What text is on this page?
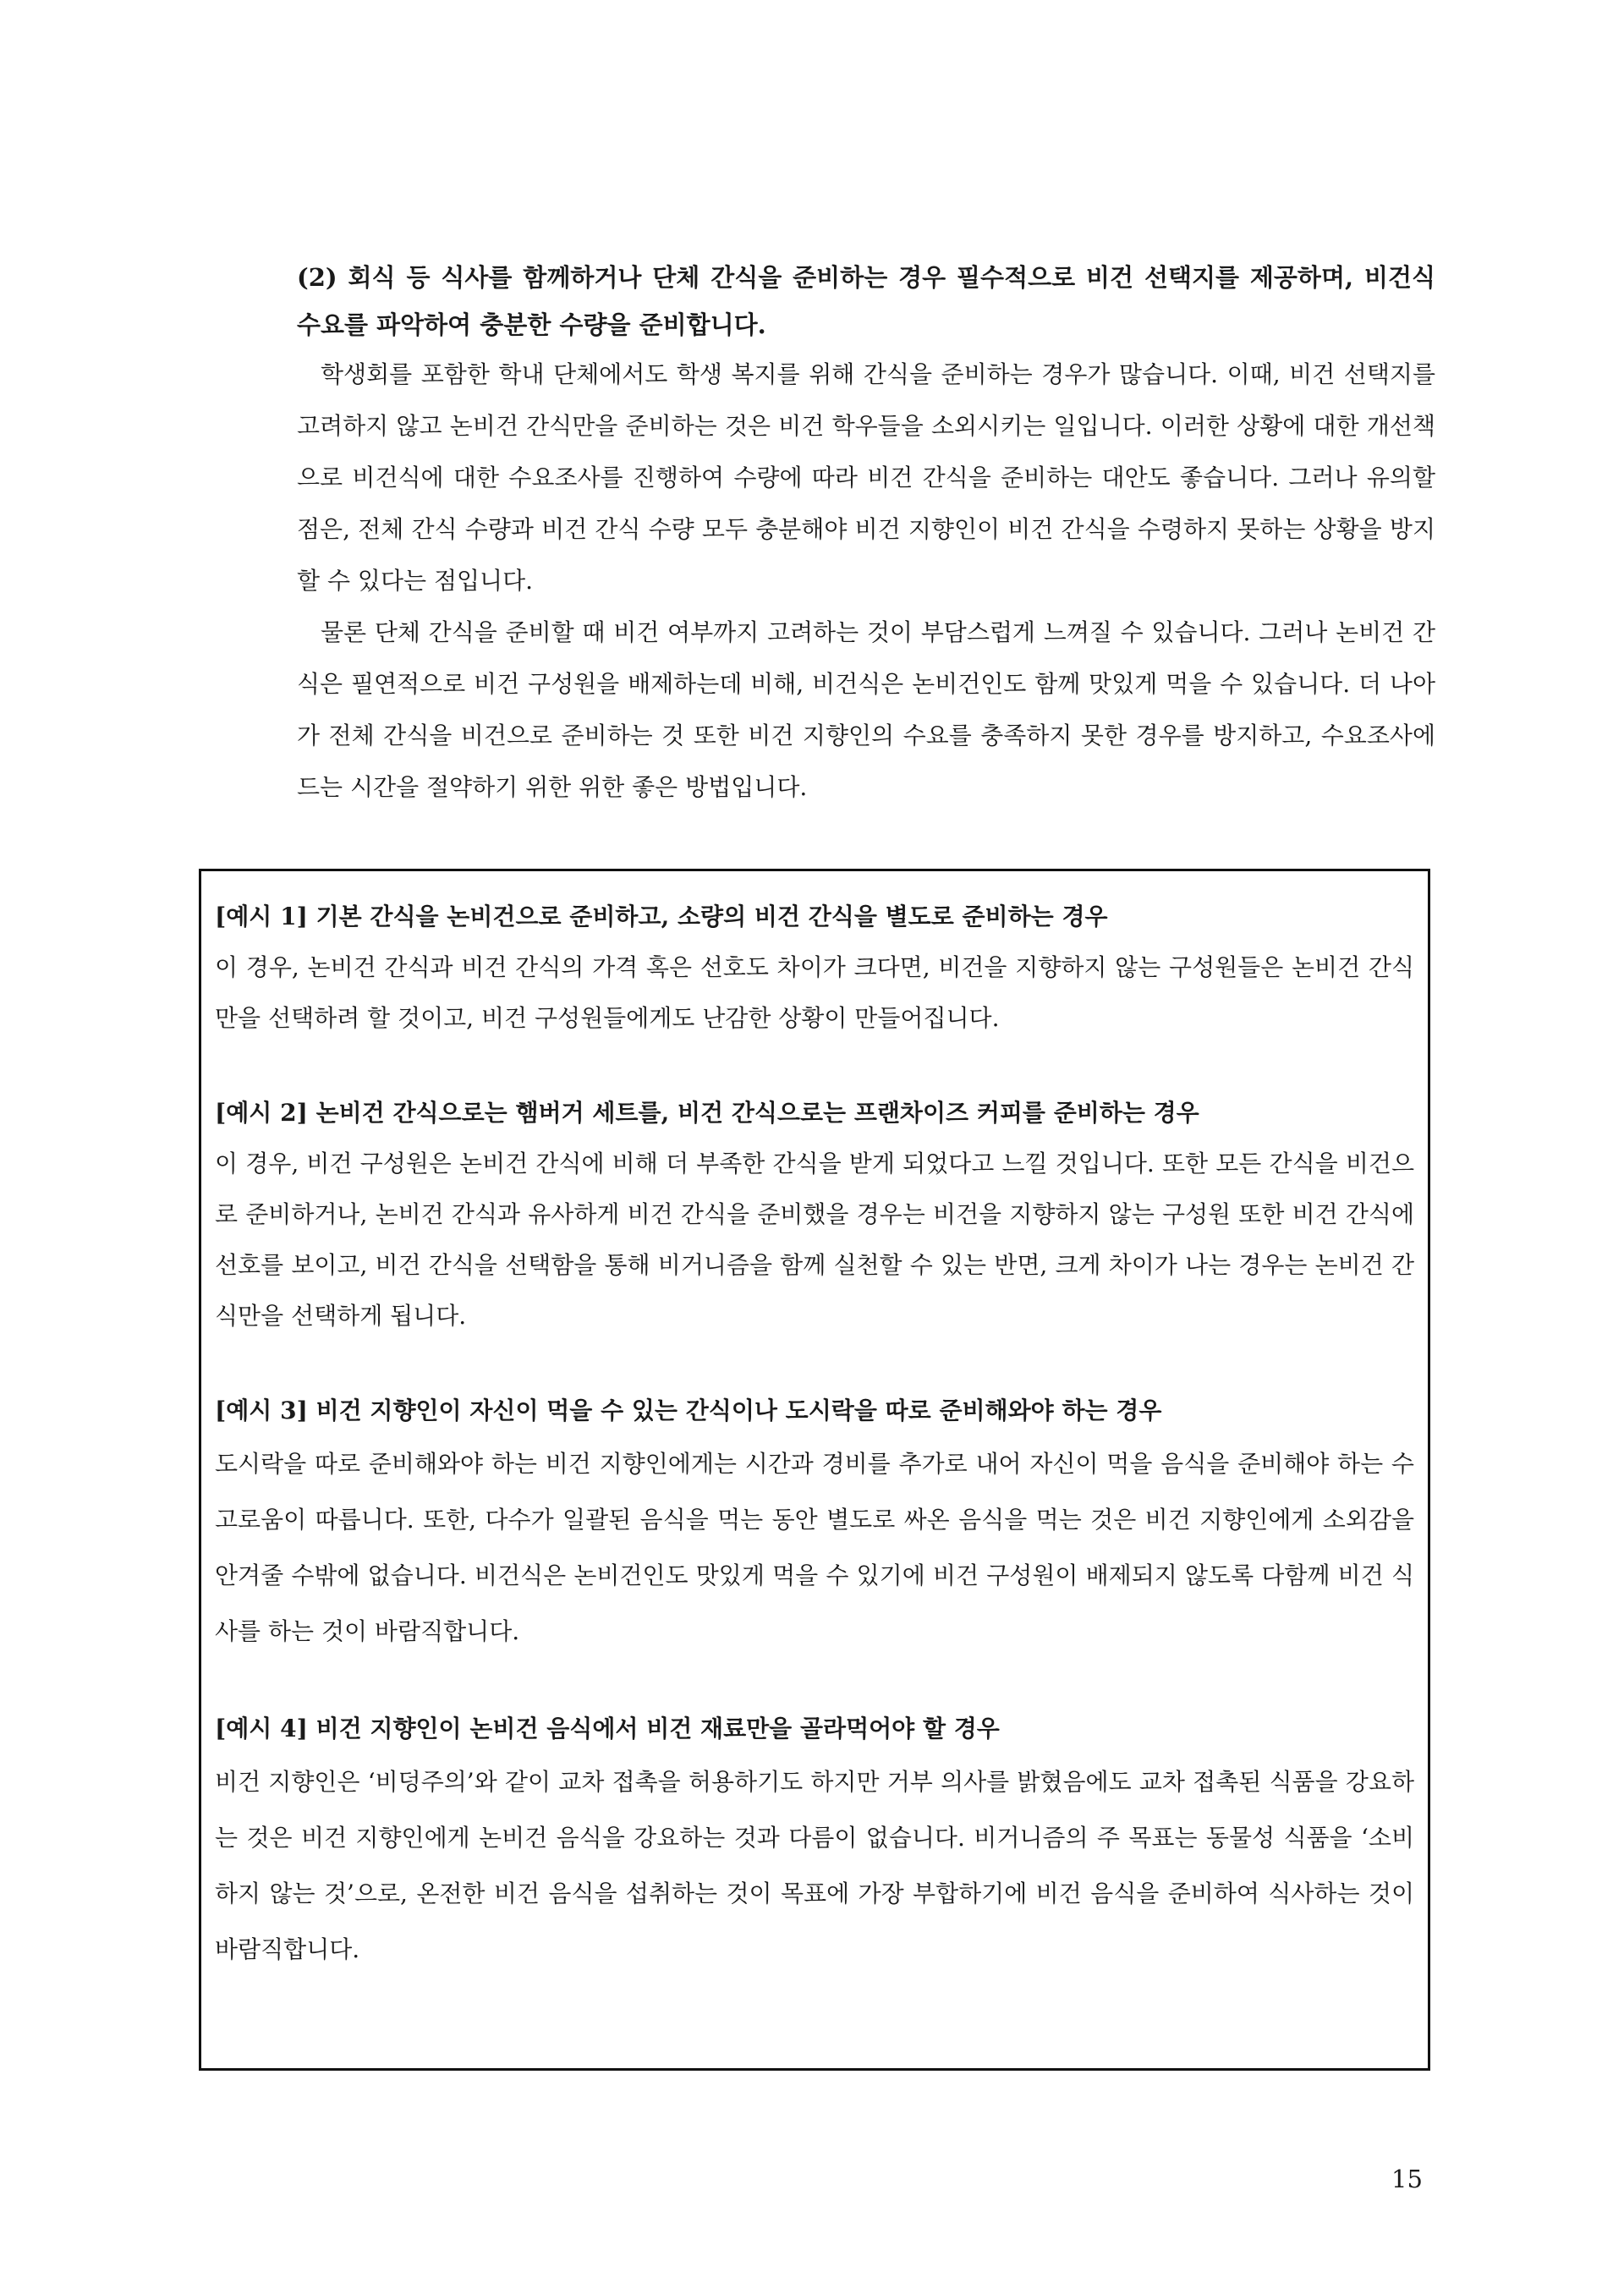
(2) 회식 등 식사를 함께하거나 단체 간식을 준비하는 경우 필수적으로 비건 선택지를 제공하며, 비건식 수요를 파악하여 충분한 수량을 준비합니다.

학생회를 포함한 학내 단체에서도 학생 복지를 위해 간식을 준비하는 경우가 많습니다. 이때, 비건 선택지를 고려하지 않고 논비건 간식만을 준비하는 것은 비건 학우들을 소외시키는 일입니다. 이러한 상황에 대한 개선책으로 비건식에 대한 수요조사를 진행하여 수량에 따라 비건 간식을 준비하는 대안도 좋습니다. 그러나 유의할 점은, 전체 간식 수량과 비건 간식 수량 모두 충분해야 비건 지향인이 비건 간식을 수령하지 못하는 상황을 방지할 수 있다는 점입니다.

물론 단체 간식을 준비할 때 비건 여부까지 고려하는 것이 부담스럽게 느껴질 수 있습니다. 그러나 논비건 간식은 필연적으로 비건 구성원을 배제하는데 비해, 비건식은 논비건인도 함께 맛있게 먹을 수 있습니다. 더 나아가 전체 간식을 비건으로 준비하는 것 또한 비건 지향인의 수요를 충족하지 못한 경우를 방지하고, 수요조사에 드는 시간을 절약하기 위한 위한 좋은 방법입니다.

[예시 1] 기본 간식을 논비건으로 준비하고, 소량의 비건 간식을 별도로 준비하는 경우

이 경우, 논비건 간식과 비건 간식의 가격 혹은 선호도 차이가 크다면, 비건을 지향하지 않는 구성원들은 논비건 간식만을 선택하려 할 것이고, 비건 구성원들에게도 난감한 상황이 만들어집니다.

[예시 2] 논비건 간식으로는 햄버거 세트를, 비건 간식으로는 프랜차이즈 커피를 준비하는 경우

이 경우, 비건 구성원은 논비건 간식에 비해 더 부족한 간식을 받게 되었다고 느낄 것입니다. 또한 모든 간식을 비건으로 준비하거나, 논비건 간식과 유사하게 비건 간식을 준비했을 경우는 비건을 지향하지 않는 구성원 또한 비건 간식에 선호를 보이고, 비건 간식을 선택함을 통해 비거니즘을 함께 실천할 수 있는 반면, 크게 차이가 나는 경우는 논비건 간식만을 선택하게 됩니다.

[예시 3] 비건 지향인이 자신이 먹을 수 있는 간식이나 도시락을 따로 준비해와야 하는 경우

도시락을 따로 준비해와야 하는 비건 지향인에게는 시간과 경비를 추가로 내어 자신이 먹을 음식을 준비해야 하는 수고로움이 따릅니다. 또한, 다수가 일괄된 음식을 먹는 동안 별도로 싸온 음식을 먹는 것은 비건 지향인에게 소외감을 안겨줄 수밖에 없습니다. 비건식은 논비건인도 맛있게 먹을 수 있기에 비건 구성원이 배제되지 않도록 다함께 비건 식사를 하는 것이 바람직합니다.

[예시 4] 비건 지향인이 논비건 음식에서 비건 재료만을 골라먹어야 할 경우

비건 지향인은 ‘비덩주의’와 같이 교차 접촉을 허용하기도 하지만 거부 의사를 밝혔음에도 교차 접촉된 식품을 강요하는 것은 비건 지향인에게 논비건 음식을 강요하는 것과 다름이 없습니다. 비거니즘의 주 목표는 동물성 식품을 ‘소비하지 않는 것’으로, 온전한 비건 음식을 섭취하는 것이 목표에 가장 부합하기에 비건 음식을 준비하여 식사하는 것이 바람직합니다.

15
